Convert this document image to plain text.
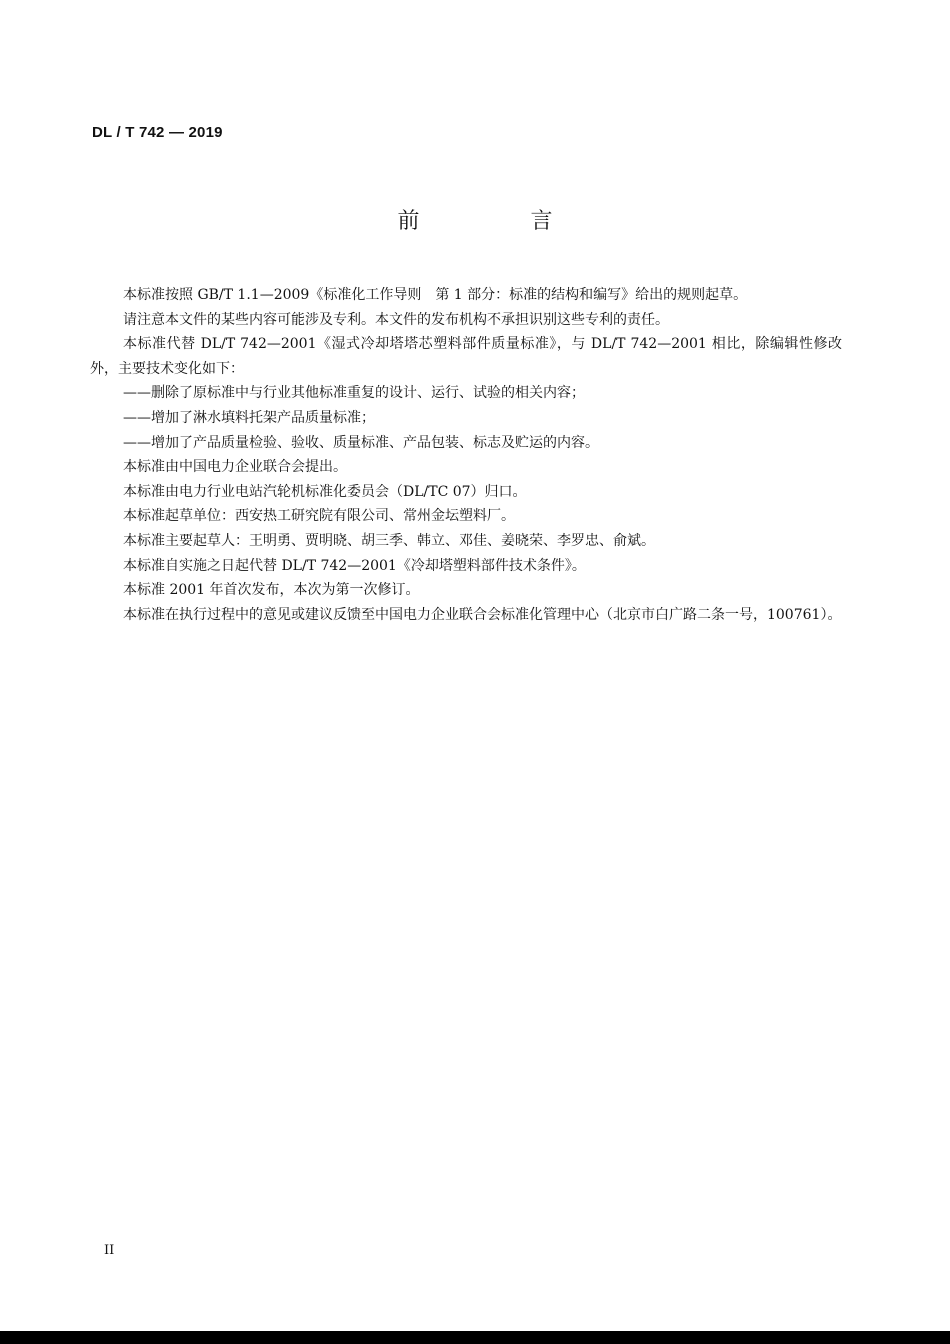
DL / T 742 — 2019
前 言

本标准按照 GB/T 1.1—2009《标准化工作导则　第 1 部分：标准的结构和编写》给出的规则起草。

请注意本文件的某些内容可能涉及专利。本文件的发布机构不承担识别这些专利的责任。

本标准代替 DL/T 742—2001《湿式冷却塔塔芯塑料部件质量标准》，与 DL/T 742—2001 相比，除编辑性修改外，主要技术变化如下：

——删除了原标准中与行业其他标准重复的设计、运行、试验的相关内容；

——增加了淋水填料托架产品质量标准；

——增加了产品质量检验、验收、质量标准、产品包装、标志及贮运的内容。

本标准由中国电力企业联合会提出。

本标准由电力行业电站汽轮机标准化委员会（DL/TC 07）归口。

本标准起草单位：西安热工研究院有限公司、常州金坛塑料厂。

本标准主要起草人：王明勇、贾明晓、胡三季、韩立、邓佳、姜晓荣、李罗忠、俞斌。

本标准自实施之日起代替 DL/T 742—2001《冷却塔塑料部件技术条件》。

本标准 2001 年首次发布，本次为第一次修订。

本标准在执行过程中的意见或建议反馈至中国电力企业联合会标准化管理中心（北京市白广路二条一号，100761）。

II
